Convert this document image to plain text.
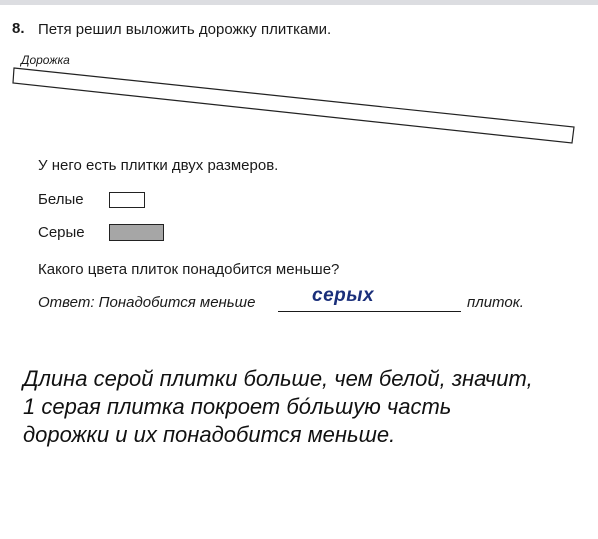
8. Петя решил выложить дорожку плитками.
Дорожка
У него есть плитки двух размеров.
Белые
Серые
Какого цвета плиток понадобится меньше?
Ответ: Понадобится меньше	серых	плиток.
Длина серой плитки больше, чем белой, значит,
1 серая плитка покроет бо́льшую часть
дорожки и их понадобится меньше.
